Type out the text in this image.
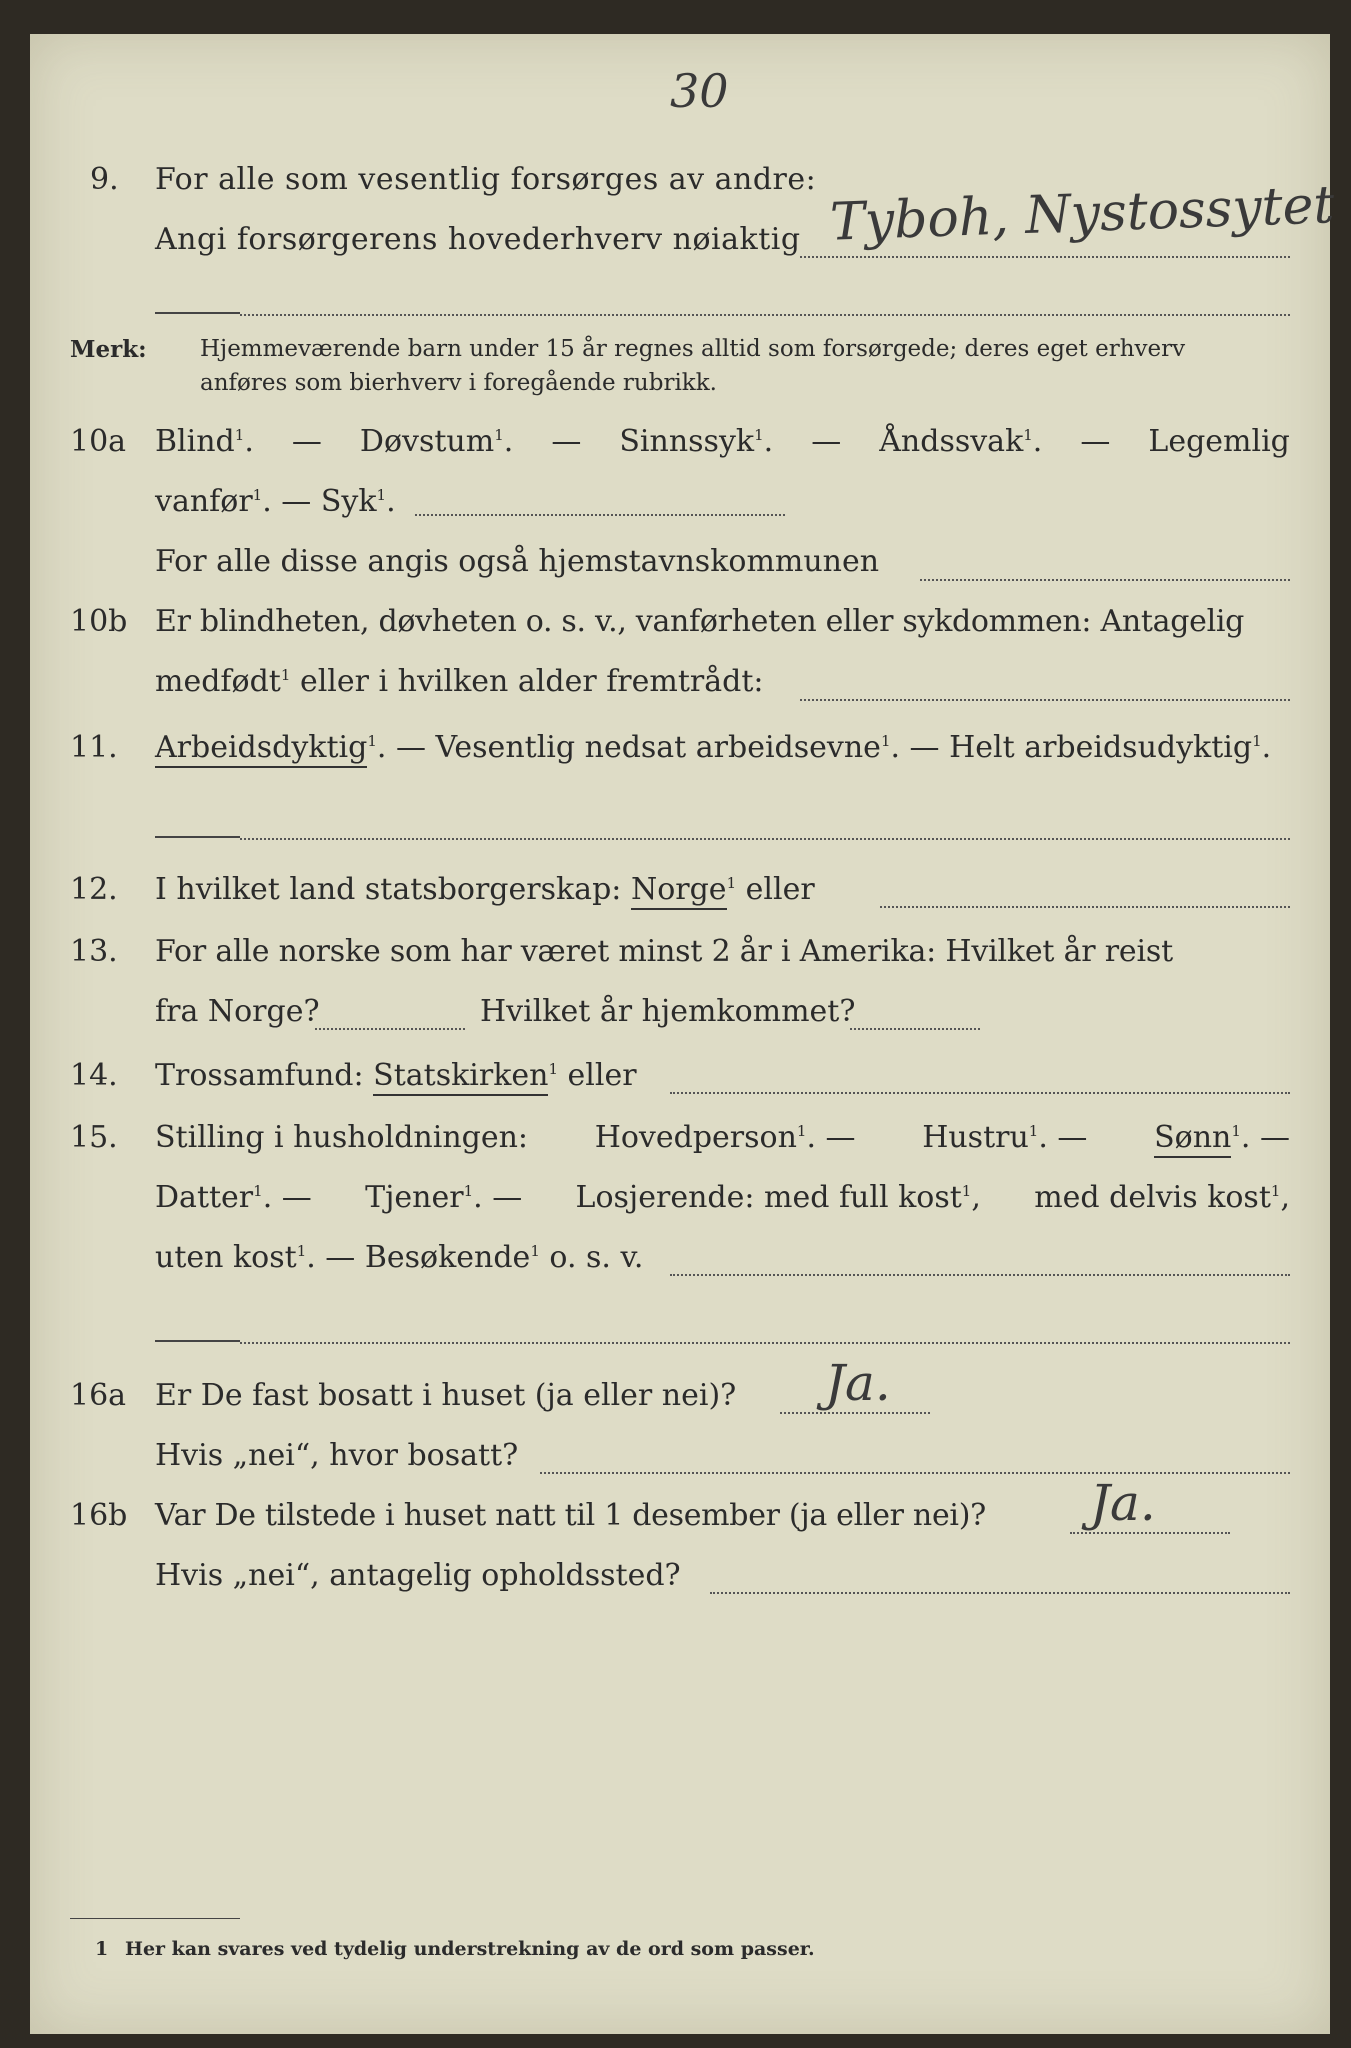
30
9. For alle som vesentlig forsørges av andre:
Angi forsørgerens hovederhverv nøiaktig Tyboh, Nystossytet
Merk: Hjemmeværende barn under 15 år regnes alltid som forsørgede; deres eget erhverv
anføres som bierhverv i foregående rubrikk.
10a Blind$^1$. — Døvstum$^1$. — Sinnssyk$^1$. — Åndssvak$^1$. — Legemlig
vanfør$^1$. — Syk$^1$.
For alle disse angis også hjemstavnskommunen
10b Er blindheten, døvheten o. s. v., vanførheten eller sykdommen: Antagelig
medfødt$^1$ eller i hvilken alder fremtrådt:
11. Arbeidsdyktig$^1$. — Vesentlig nedsat arbeidsevne$^1$. — Helt arbeidsudyktig$^1$.
12. I hvilket land statsborgerskap: Norge$^1$ eller
13. For alle norske som har været minst 2 år i Amerika: Hvilket år reist
fra Norge?	Hvilket år hjemkommet?
14. Trossamfund: Statskirken$^1$ eller
15. Stilling i husholdningen: Hovedperson$^1$. — Hustru$^1$. — Sønn$^1$. —
Datter$^1$. — Tjener$^1$. — Losjerende: med full kost$^1$, med delvis kost$^1$,
uten kost$^1$. — Besøkende$^1$ o. s. v.
16a Er De fast bosatt i huset (ja eller nei)? Ja.
Hvis „nei“, hvor bosatt?
16b Var De tilstede i huset natt til 1 desember (ja eller nei)? Ja.
Hvis „nei“, antagelig opholdssted?
1 Her kan svares ved tydelig understrekning av de ord som passer.
